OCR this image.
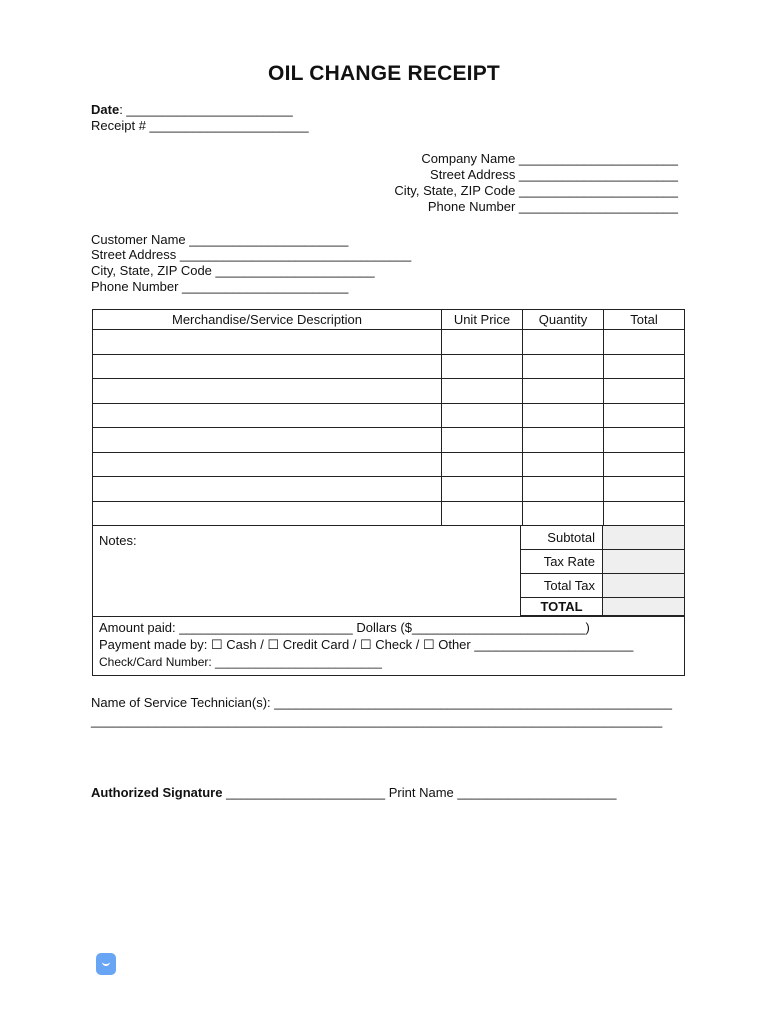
OIL CHANGE RECEIPT
Date: _______________________
Receipt # ______________________
Company Name ______________________
Street Address ______________________
City, State, ZIP Code ______________________
Phone Number ______________________
Customer Name ______________________
Street Address ________________________________
City, State, ZIP Code ______________________
Phone Number _______________________
Merchandise/Service Description	Unit Price	Quantity	Total

Notes:	Subtotal	
Tax Rate	
Total Tax	
TOTAL	
Amount paid: ________________________ Dollars ($________________________)
Payment made by: ☐ Cash / ☐ Credit Card / ☐ Check / ☐ Other ______________________
Check/Card Number: _________________________
Name of Service Technician(s): _______________________________________________________
_______________________________________________________________________________
Authorized Signature ______________________ Print Name ______________________
